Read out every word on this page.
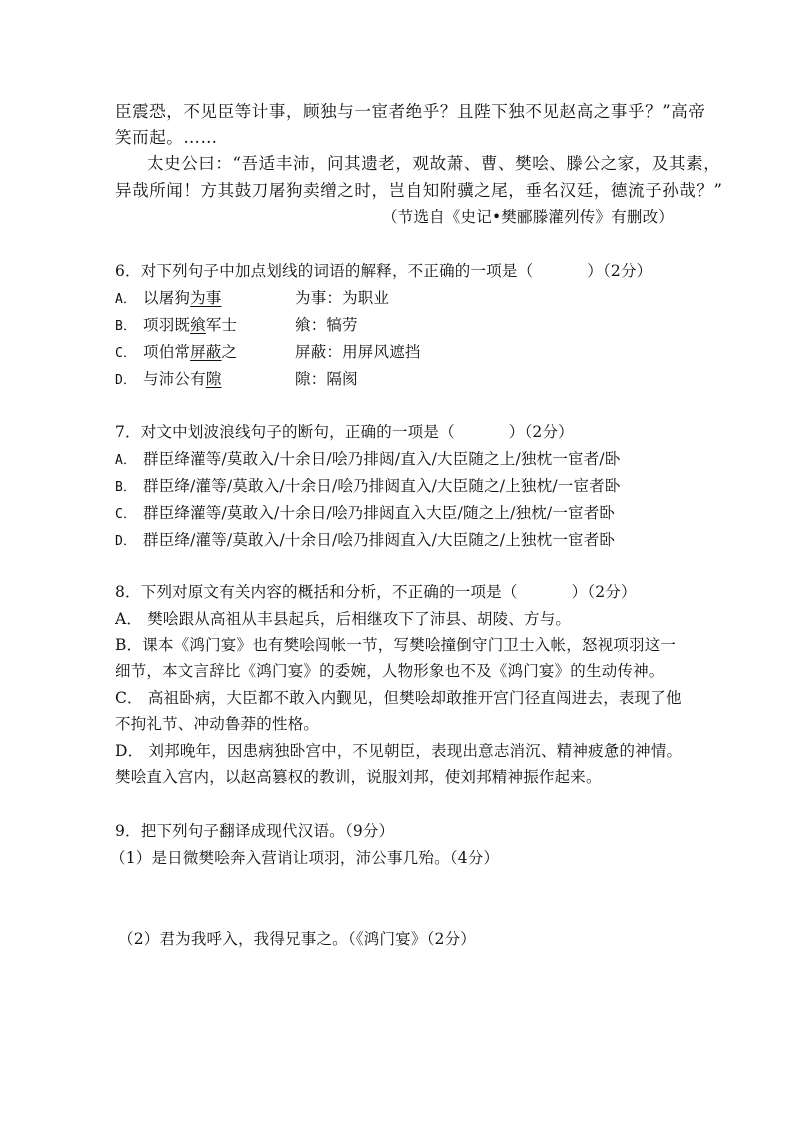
臣震恐，不见臣等计事，顾独与一宦者绝乎？且陛下独不见赵高之事乎？”高帝
笑而起。……
太史公曰：“吾适丰沛，问其遗老，观故萧、曹、樊哙、滕公之家，及其素，
异哉所闻！方其鼓刀屠狗卖缯之时，岂自知附骥之尾，垂名汉廷，德流子孙哉？”
（节选自《史记•樊郦滕灌列传》有删改）
6．对下列句子中加点划线的词语的解释，不正确的一项是（	）（2分）
A． 以屠狗为事	为事：为职业
B． 项羽既飨军士	飨：犒劳
C． 项伯常屏蔽之	屏蔽：用屏风遮挡
D． 与沛公有隙	隙：隔阂
7．对文中划波浪线句子的断句，正确的一项是（	）（2分）
A． 群臣绛灌等/莫敢入/十余日/哙乃排闼/直入/大臣随之上/独枕一宦者/卧
B． 群臣绛/灌等/莫敢入/十余日/哙乃排闼直入/大臣随之/上独枕/一宦者卧
C． 群臣绛灌等/莫敢入/十余日/哙乃排闼直入大臣/随之上/独枕/一宦者卧
D． 群臣绛/灌等/莫敢入/十余日/哙乃排闼直入/大臣随之/上独枕一宦者卧
8．下列对原文有关内容的概括和分析，不正确的一项是（	）（2分）
A． 樊哙跟从高祖从丰县起兵，后相继攻下了沛县、胡陵、方与。
B．课本《鸿门宴》也有樊哙闯帐一节，写樊哙撞倒守门卫士入帐，怒视项羽这一
细节，本文言辞比《鸿门宴》的委婉，人物形象也不及《鸿门宴》的生动传神。
C． 高祖卧病，大臣都不敢入内觐见，但樊哙却敢推开宫门径直闯进去，表现了他
不拘礼节、冲动鲁莽的性格。
D． 刘邦晚年，因患病独卧宫中，不见朝臣，表现出意志消沉、精神疲惫的神情。
樊哙直入宫内，以赵高篡权的教训，说服刘邦，使刘邦精神振作起来。
9．把下列句子翻译成现代汉语。（9分）
（1）是日微樊哙奔入营诮让项羽，沛公事几殆。（4分）
（2）君为我呼入，我得兄事之。（《鸿门宴》（2分）
